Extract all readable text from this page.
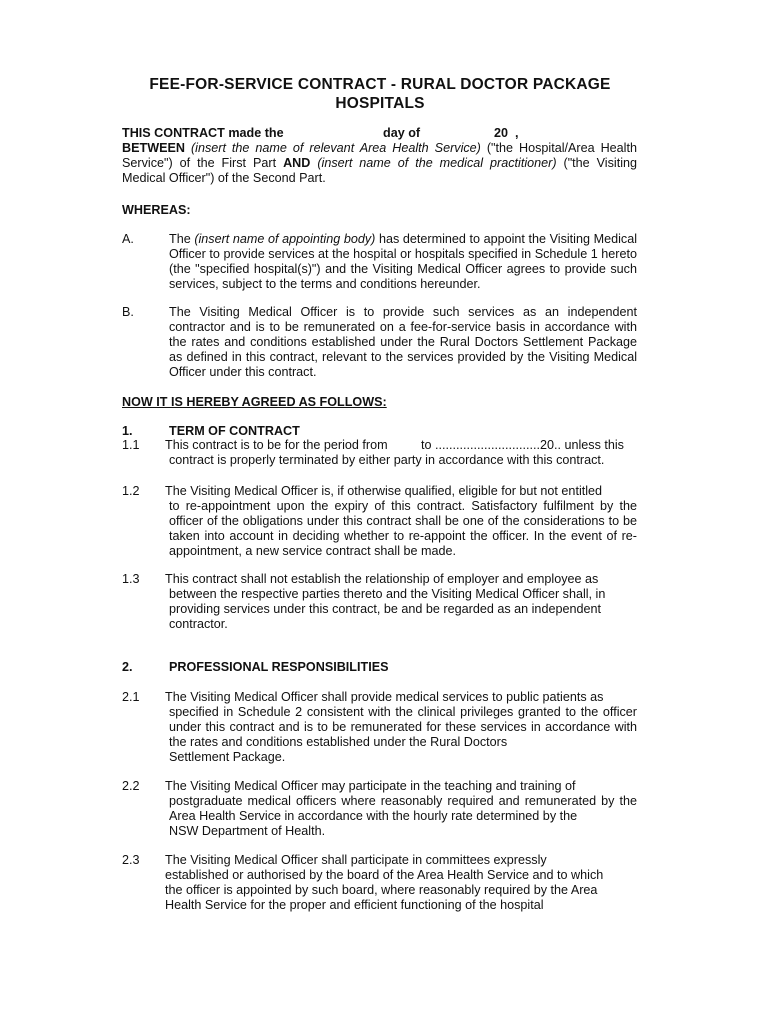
FEE-FOR-SERVICE CONTRACT - RURAL DOCTOR PACKAGE
HOSPITALS
THIS CONTRACT made the	day of	20 ,
BETWEEN (insert the name of relevant Area Health Service) ("the Hospital/Area Health Service") of the First Part AND (insert name of the medical practitioner) ("the Visiting Medical Officer") of the Second Part.
WHEREAS:
A.	The (insert name of appointing body) has determined to appoint the Visiting Medical Officer to provide services at the hospital or hospitals specified in Schedule 1 hereto (the "specified hospital(s)") and the Visiting Medical Officer agrees to provide such services, subject to the terms and conditions hereunder.
B.	The Visiting Medical Officer is to provide such services as an independent contractor and is to be remunerated on a fee-for-service basis in accordance with the rates and conditions established under the Rural Doctors Settlement Package as defined in this contract, relevant to the services provided by the Visiting Medical Officer under this contract.
NOW IT IS HEREBY AGREED AS FOLLOWS:
1.	TERM OF CONTRACT
1.1 This contract is to be for the period from	to ..............................20.. unless this
contract is properly terminated by either party in accordance with this contract.
1.2 The Visiting Medical Officer is, if otherwise qualified, eligible for but not entitled
to re-appointment upon the expiry of this contract. Satisfactory fulfilment by the officer of the obligations under this contract shall be one of the considerations to be taken into account in deciding whether to re-appoint the officer. In the event of re-appointment, a new service contract shall be made.
1.3 This contract shall not establish the relationship of employer and employee as
between the respective parties thereto and the Visiting Medical Officer shall, in
providing services under this contract, be and be regarded as an independent
contractor.
2.	PROFESSIONAL RESPONSIBILITIES
2.1 The Visiting Medical Officer shall provide medical services to public patients as
specified in Schedule 2 consistent with the clinical privileges granted to the officer under this contract and is to be remunerated for these services in accordance with the rates and conditions established under the Rural Doctors
Settlement Package.
2.2 The Visiting Medical Officer may participate in the teaching and training of
postgraduate medical officers where reasonably required and remunerated by the Area Health Service in accordance with the hourly rate determined by the
NSW Department of Health.
2.3 The Visiting Medical Officer shall participate in committees expressly
established or authorised by the board of the Area Health Service and to which
the officer is appointed by such board, where reasonably required by the Area
Health Service for the proper and efficient functioning of the hospital
